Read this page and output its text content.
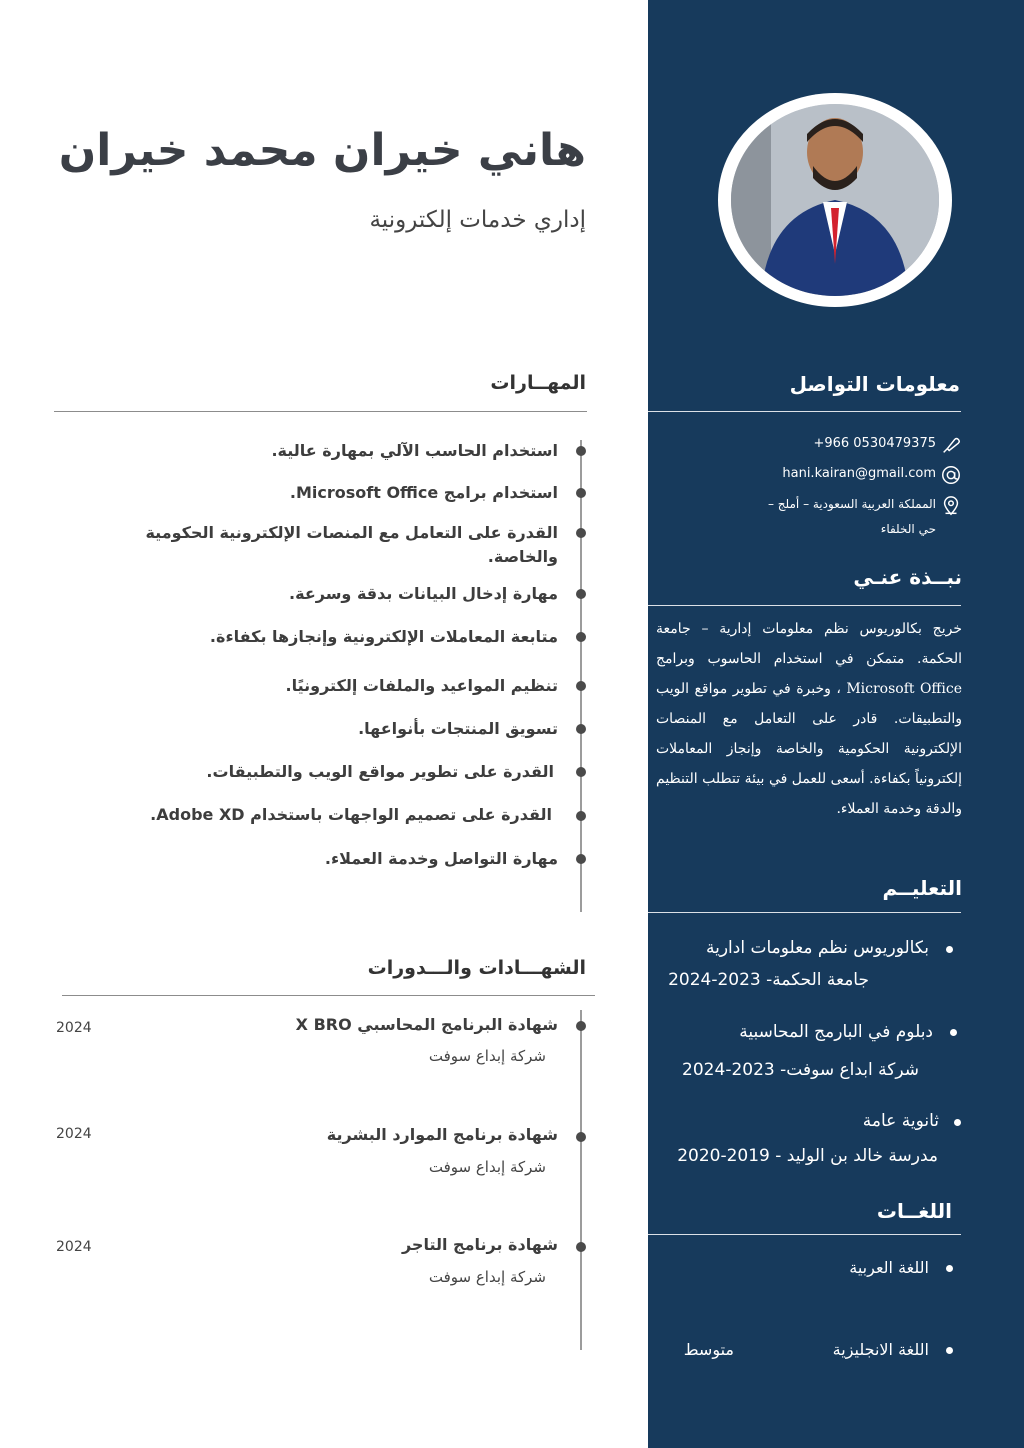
معلومات التواصل
+966 0530479375
hani.kairan@gmail.com
المملكة العربية السعودية – أملج –
حي الخلفاء
نبــذة عنـي
خريج بكالوريوس نظم معلومات إدارية – جامعة الحكمة. متمكن في استخدام الحاسوب وبرامج Microsoft Office ، وخبرة في تطوير مواقع الويب والتطبيقات. قادر على التعامل مع المنصات الإلكترونية الحكومية والخاصة وإنجاز المعاملات إلكترونياً بكفاءة. أسعى للعمل في بيئة تتطلب التنظيم والدقة وخدمة العملاء.
التعليــم
بكالوريوس نظم معلومات ادارية
جامعة الحكمة- 2023-2024
دبلوم في البارمج المحاسبية
شركة ابداع سوفت- 2023-2024
ثانوية عامة
مدرسة خالد بن الوليد - 2019-2020
اللغــات
اللغة العربية
اللغة الانجليزية
متوسط
هاني خيران محمد خيران
إداري خدمات إلكترونية
المهــارات
استخدام الحاسب الآلي بمهارة عالية.
استخدام برامج Microsoft Office.
القدرة على التعامل مع المنصات الإلكترونية الحكومية والخاصة.
مهارة إدخال البيانات بدقة وسرعة.
متابعة المعاملات الإلكترونية وإنجازها بكفاءة.
تنظيم المواعيد والملفات إلكترونيًا.
تسويق المنتجات بأنواعها.
القدرة على تطوير مواقع الويب والتطبيقات.
القدرة على تصميم الواجهات باستخدام Adobe XD.
مهارة التواصل وخدمة العملاء.
الشهـــادات والـــدورات
شهادة البرنامج المحاسبي X BRO
شركة إبداع سوفت
2024
شهادة برنامج الموارد البشرية
شركة إبداع سوفت
2024
شهادة برنامج التاجر
شركة إبداع سوفت
2024
